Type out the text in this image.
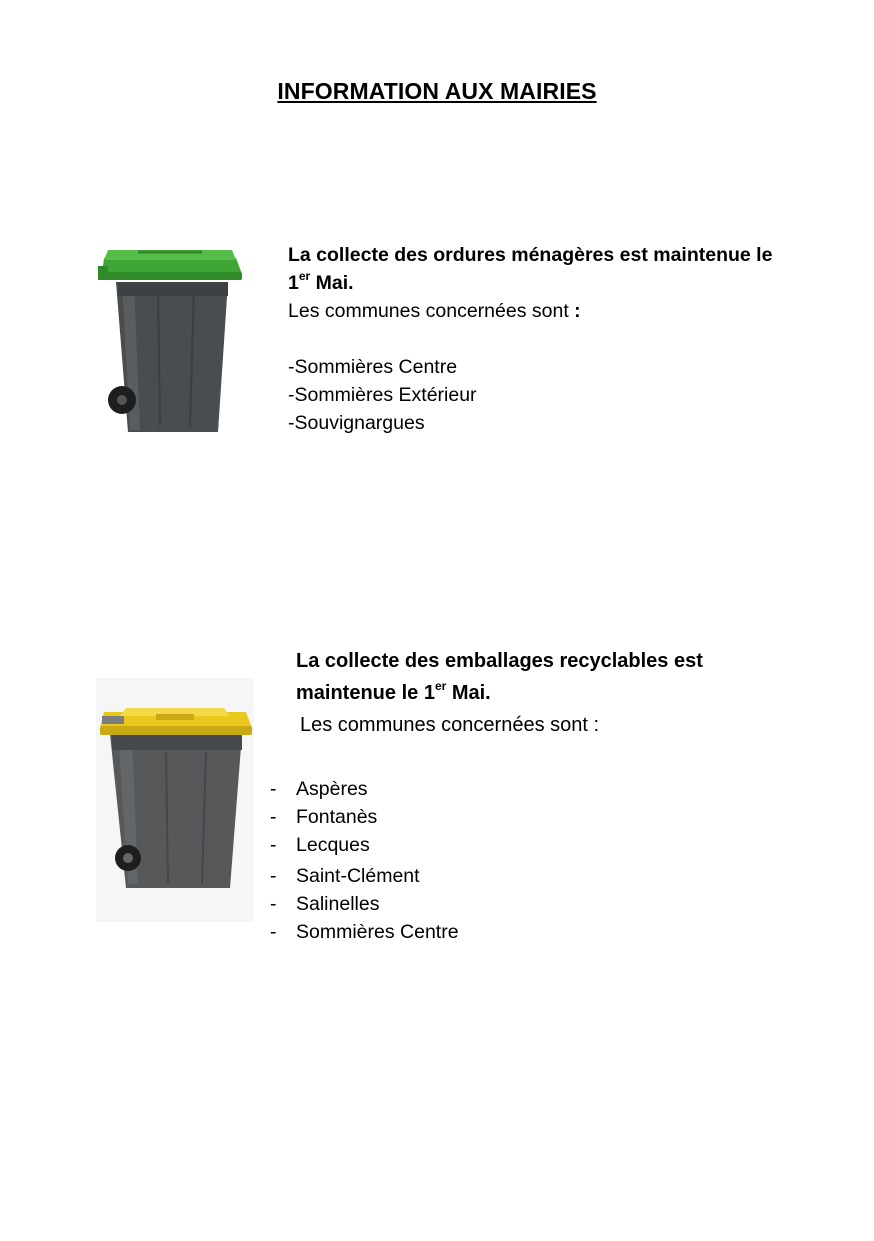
INFORMATION AUX MAIRIES

La collecte des ordures ménagères est maintenue le
1er Mai.

Les communes concernées sont :
-Sommières Centre
-Sommières Extérieur
-Souvignargues

La collecte des emballages recyclables est
maintenue le 1er Mai.

Les communes concernées sont :
- Aspères
- Fontanès
- Lecques
- Saint-Clément
- Salinelles
- Sommières Centre
